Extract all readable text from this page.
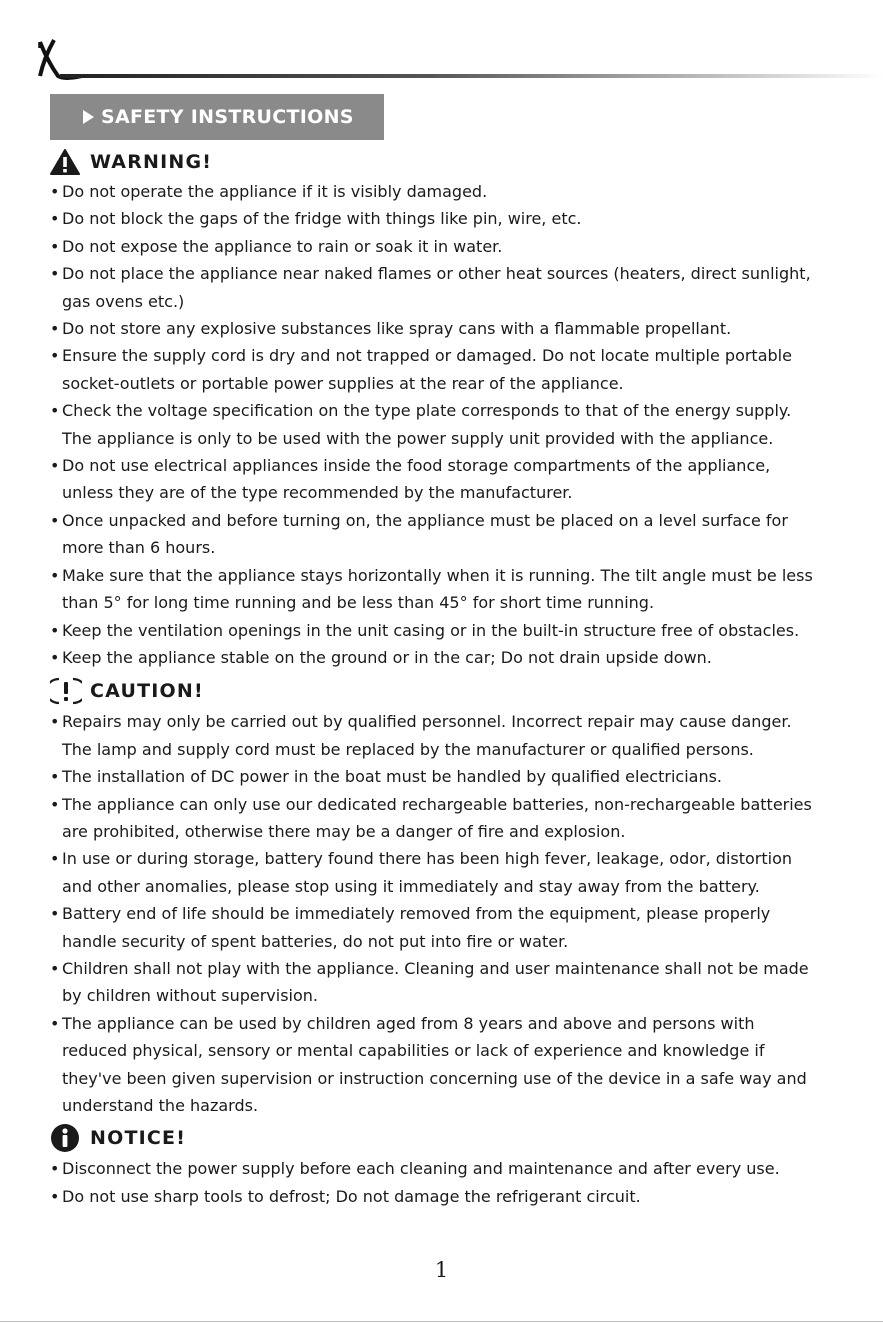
SAFETY INSTRUCTIONS
WARNING!
• Do not operate the appliance if it is visibly damaged.
• Do not block the gaps of the fridge with things like pin, wire, etc.
• Do not expose the appliance to rain or soak it in water.
• Do not place the appliance near naked flames or other heat sources (heaters, direct sunlight,
gas ovens etc.)
• Do not store any explosive substances like spray cans with a flammable propellant.
• Ensure the supply cord is dry and not trapped or damaged. Do not locate multiple portable
socket-outlets or portable power supplies at the rear of the appliance.
• Check the voltage specification on the type plate corresponds to that of the energy supply.
The appliance is only to be used with the power supply unit provided with the appliance.
• Do not use electrical appliances inside the food storage compartments of the appliance,
unless they are of the type recommended by the manufacturer.
• Once unpacked and before turning on, the appliance must be placed on a level surface for
more than 6 hours.
• Make sure that the appliance stays horizontally when it is running. The tilt angle must be less
than 5° for long time running and be less than 45° for short time running.
• Keep the ventilation openings in the unit casing or in the built-in structure free of obstacles.
• Keep the appliance stable on the ground or in the car; Do not drain upside down.
CAUTION!
• Repairs may only be carried out by qualified personnel. Incorrect repair may cause danger.
The lamp and supply cord must be replaced by the manufacturer or qualified persons.
• The installation of DC power in the boat must be handled by qualified electricians.
• The appliance can only use our dedicated rechargeable batteries, non-rechargeable batteries
are prohibited, otherwise there may be a danger of fire and explosion.
• In use or during storage, battery found there has been high fever, leakage, odor, distortion
and other anomalies, please stop using it immediately and stay away from the battery.
• Battery end of life should be immediately removed from the equipment, please properly
handle security of spent batteries, do not put into fire or water.
• Children shall not play with the appliance. Cleaning and user maintenance shall not be made
by children without supervision.
• The appliance can be used by children aged from 8 years and above and persons with
reduced physical, sensory or mental capabilities or lack of experience and knowledge if
they've been given supervision or instruction concerning use of the device in a safe way and
understand the hazards.
NOTICE!
• Disconnect the power supply before each cleaning and maintenance and after every use.
• Do not use sharp tools to defrost; Do not damage the refrigerant circuit.
1
